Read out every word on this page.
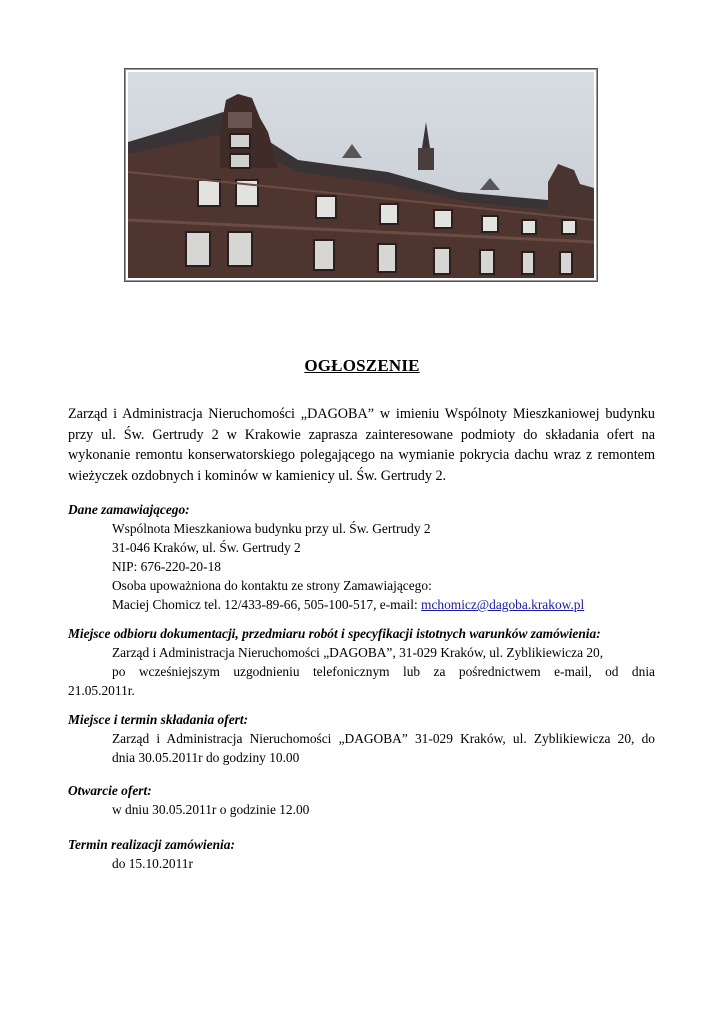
OGŁOSZENIE
Zarząd i Administracja Nieruchomości „DAGOBA” w imieniu Wspólnoty Mieszkaniowej budynku przy ul. Św. Gertrudy 2 w Krakowie zaprasza zainteresowane podmioty do składania ofert na wykonanie remontu konserwatorskiego polegającego na wymianie pokrycia dachu wraz z remontem wieżyczek ozdobnych i kominów w kamienicy ul. Św. Gertrudy 2.
Dane zamawiającego:
Wspólnota Mieszkaniowa budynku przy ul. Św. Gertrudy 2
31-046 Kraków, ul. Św. Gertrudy 2
NIP: 676-220-20-18
Osoba upoważniona do kontaktu ze strony Zamawiającego:
Maciej Chomicz tel. 12/433-89-66, 505-100-517, e-mail: mchomicz@dagoba.krakow.pl
Miejsce odbioru dokumentacji, przedmiaru robót i specyfikacji istotnych warunków zamówienia:
Zarząd i Administracja Nieruchomości „DAGOBA”, 31-029 Kraków, ul. Zyblikiewicza 20,
po wcześniejszym uzgodnieniu telefonicznym lub za pośrednictwem e-mail, od dnia
21.05.2011r.
Miejsce i termin składania ofert:
Zarząd i Administracja Nieruchomości „DAGOBA” 31-029 Kraków, ul. Zyblikiewicza 20, do
dnia 30.05.2011r do godziny 10.00
Otwarcie ofert:
w dniu 30.05.2011r o godzinie 12.00
Termin realizacji zamówienia:
do 15.10.2011r
